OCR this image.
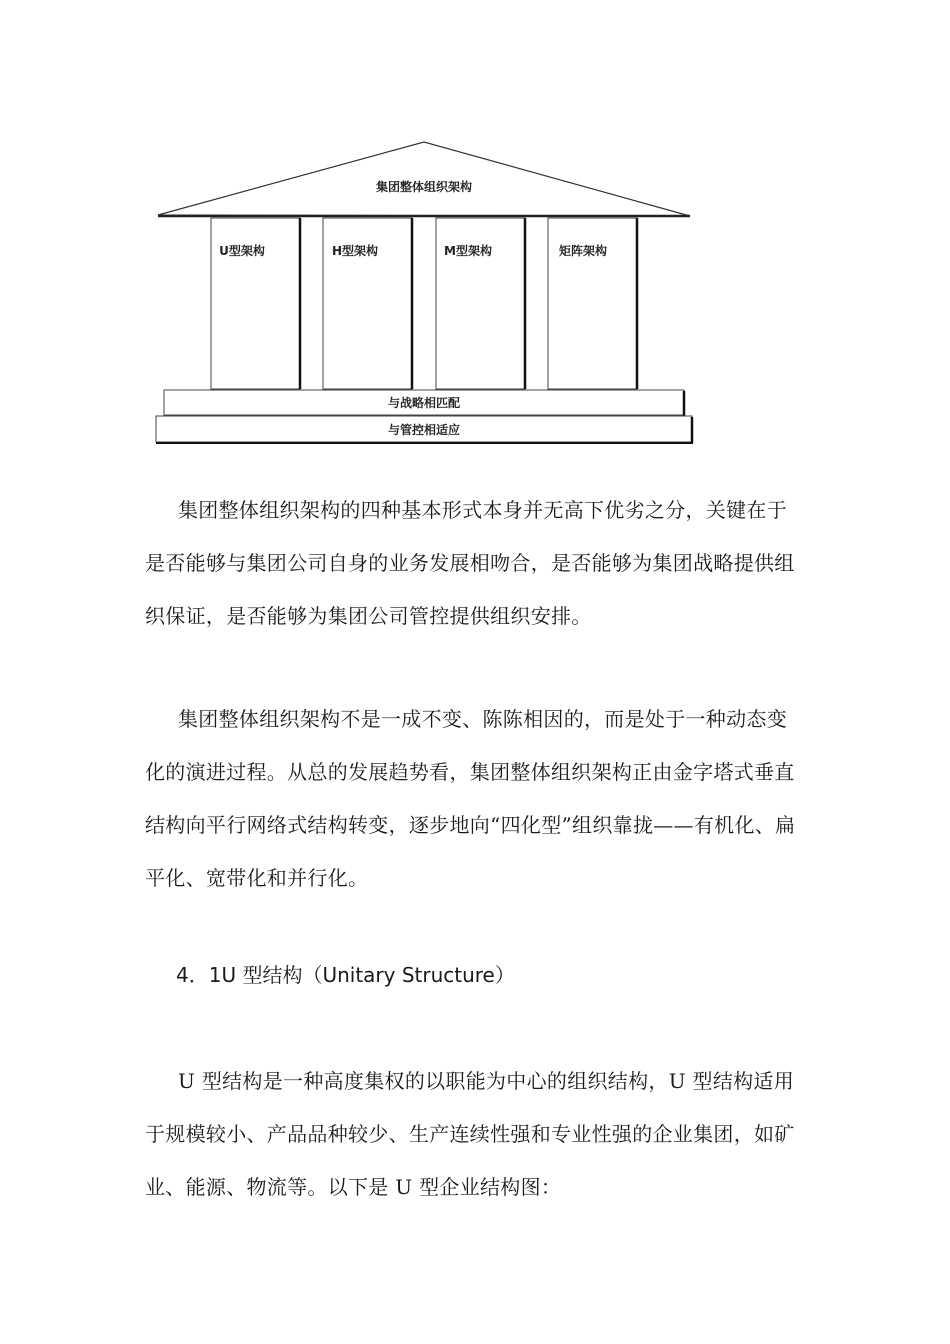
集团整体组织架构
U型架构	H型架构	M型架构	矩阵架构
与战略相匹配
与管控相适应

集团整体组织架构的四种基本形式本身并无高下优劣之分，关键在于是否能够与集团公司自身的业务发展相吻合，是否能够为集团战略提供组织保证，是否能够为集团公司管控提供组织安排。

集团整体组织架构不是一成不变、陈陈相因的，而是处于一种动态变化的演进过程。从总的发展趋势看，集团整体组织架构正由金字塔式垂直结构向平行网络式结构转变，逐步地向“四化型”组织靠拢——有机化、扁平化、宽带化和并行化。

4．1U 型结构（Unitary Structure）

U 型结构是一种高度集权的以职能为中心的组织结构，U 型结构适用于规模较小、产品品种较少、生产连续性强和专业性强的企业集团，如矿业、能源、物流等。以下是 U 型企业结构图：
